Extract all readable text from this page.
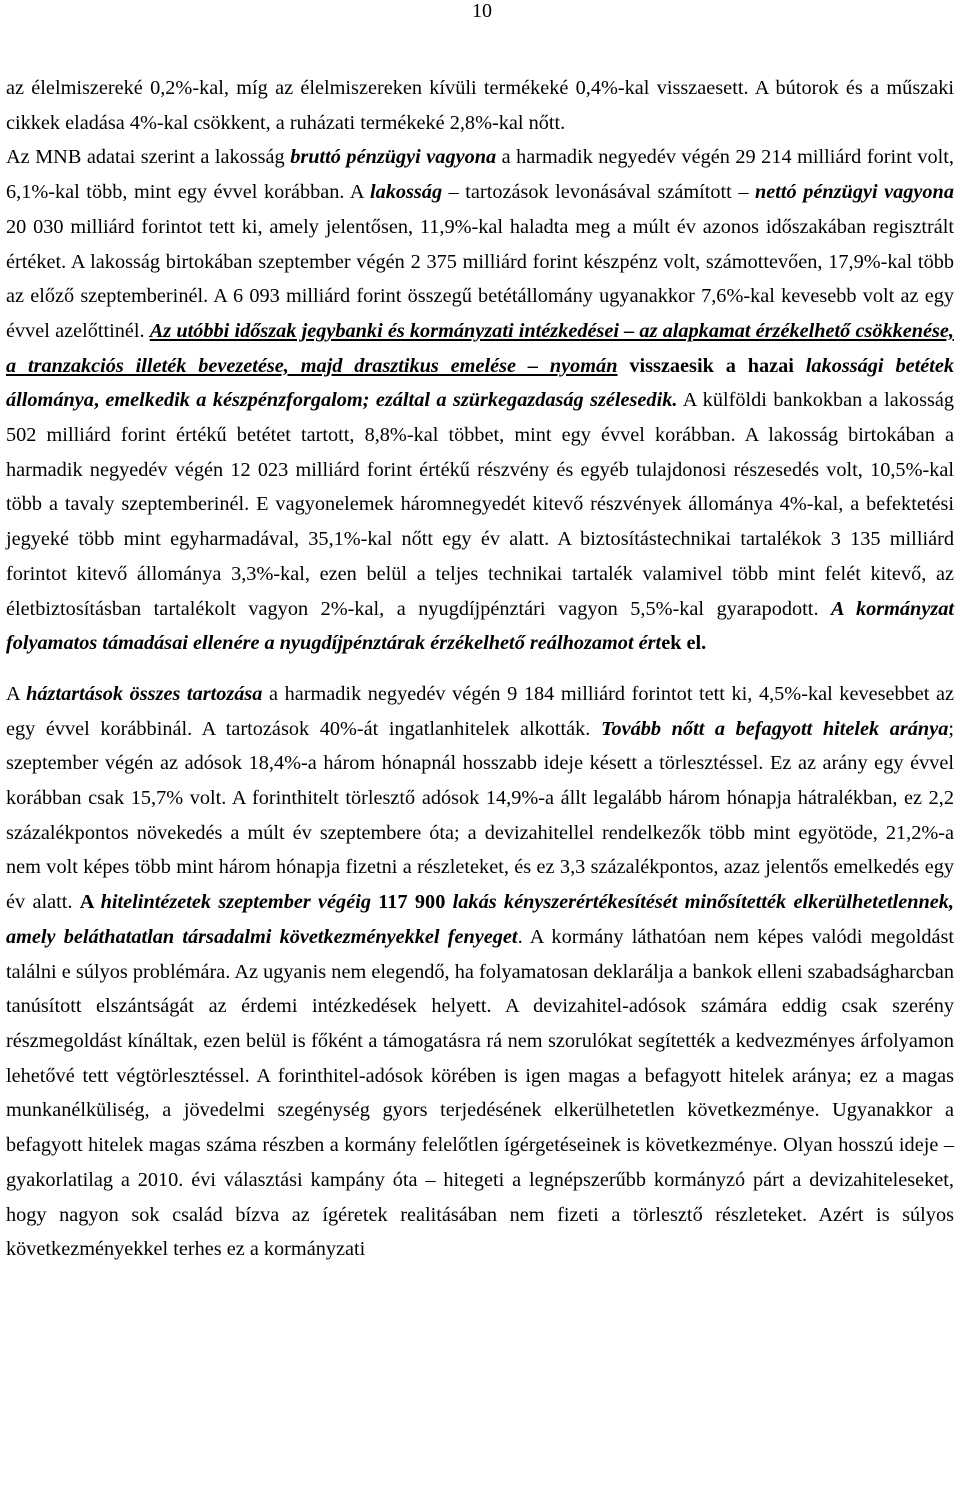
10

az élelmiszereké 0,2%-kal, míg az élelmiszereken kívüli termékeké 0,4%-kal visszaesett. A bútorok és a műszaki cikkek eladása 4%-kal csökkent, a ruházati termékeké 2,8%-kal nőtt.

Az MNB adatai szerint a lakosság bruttó pénzügyi vagyona a harmadik negyedév végén 29 214 milliárd forint volt, 6,1%-kal több, mint egy évvel korábban. A lakosság – tartozások levonásával számított – nettó pénzügyi vagyona 20 030 milliárd forintot tett ki, amely jelentősen, 11,9%-kal haladta meg a múlt év azonos időszakában regisztrált értéket. A lakosság birtokában szeptember végén 2 375 milliárd forint készpénz volt, számottevően, 17,9%-kal több az előző szeptemberinél. A 6 093 milliárd forint összegű betétállomány ugyanakkor 7,6%-kal kevesebb volt az egy évvel azelőttinél. Az utóbbi időszak jegybanki és kormányzati intézkedései – az alapkamat érzékelhető csökkenése, a tranzakciós illeték bevezetése, majd drasztikus emelése – nyomán visszaesik a hazai lakossági betétek állománya, emelkedik a készpénzforgalom; ezáltal a szürkegazdaság szélesedik. A külföldi bankokban a lakosság 502 milliárd forint értékű betétet tartott, 8,8%-kal többet, mint egy évvel korábban. A lakosság birtokában a harmadik negyedév végén 12 023 milliárd forint értékű részvény és egyéb tulajdonosi részesedés volt, 10,5%-kal több a tavaly szeptemberinél. E vagyonelemek háromnegyedét kitevő részvények állománya 4%-kal, a befektetési jegyeké több mint egyharmadával, 35,1%-kal nőtt egy év alatt. A biztosítástechnikai tartalékok 3 135 milliárd forintot kitevő állománya 3,3%-kal, ezen belül a teljes technikai tartalék valamivel több mint felét kitevő, az életbiztosításban tartalékolt vagyon 2%-kal, a nyugdíjpénztári vagyon 5,5%-kal gyarapodott. A kormányzat folyamatos támadásai ellenére a nyugdíjpénztárak érzékelhető reálhozamot értek el.

A háztartások összes tartozása a harmadik negyedév végén 9 184 milliárd forintot tett ki, 4,5%-kal kevesebbet az egy évvel korábbinál. A tartozások 40%-át ingatlanhitelek alkották. Tovább nőtt a befagyott hitelek aránya; szeptember végén az adósok 18,4%-a három hónapnál hosszabb ideje késett a törlesztéssel. Ez az arány egy évvel korábban csak 15,7% volt. A forinthitelt törlesztő adósok 14,9%-a állt legalább három hónapja hátralékban, ez 2,2 százalékpontos növekedés a múlt év szeptembere óta; a devizahitellel rendelkezők több mint egyötöde, 21,2%-a nem volt képes több mint három hónapja fizetni a részleteket, és ez 3,3 százalékpontos, azaz jelentős emelkedés egy év alatt. A hitelintézetek szeptember végéig 117 900 lakás kényszerértékesítését minősítették elkerülhetetlennek, amely beláthatatlan társadalmi következményekkel fenyeget. A kormány láthatóan nem képes valódi megoldást találni e súlyos problémára. Az ugyanis nem elegendő, ha folyamatosan deklarálja a bankok elleni szabadságharcban tanúsított elszántságát az érdemi intézkedések helyett. A devizahitel-adósok számára eddig csak szerény részmegoldást kínáltak, ezen belül is főként a támogatásra rá nem szorulókat segítették a kedvezményes árfolyamon lehetővé tett végtörlesztéssel. A forinthitel-adósok körében is igen magas a befagyott hitelek aránya; ez a magas munkanélküliség, a jövedelmi szegénység gyors terjedésének elkerülhetetlen következménye. Ugyanakkor a befagyott hitelek magas száma részben a kormány felelőtlen ígérgetéseinek is következménye. Olyan hosszú ideje – gyakorlatilag a 2010. évi választási kampány óta – hitegeti a legnépszerűbb kormányzó párt a devizahiteleseket, hogy nagyon sok család bízva az ígéretek realitásában nem fizeti a törlesztő részleteket. Azért is súlyos következményekkel terhes ez a kormányzati
